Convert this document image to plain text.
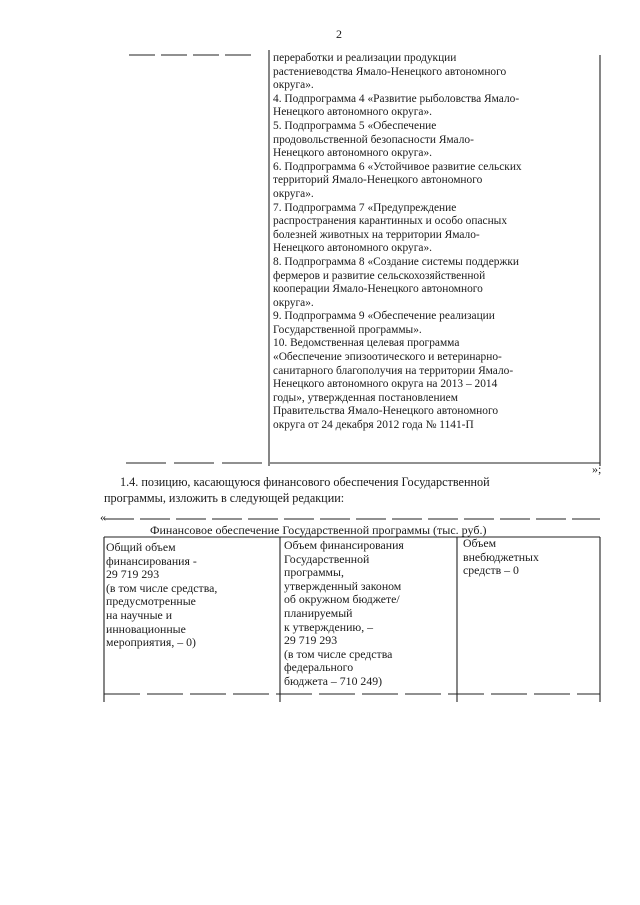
2
переработки и реализации продукции
растениеводства Ямало-Ненецкого автономного
округа».
4. Подпрограмма 4 «Развитие рыболовства Ямало-
Ненецкого автономного округа».
5. Подпрограмма 5 «Обеспечение
продовольственной безопасности Ямало-
Ненецкого автономного округа».
6. Подпрограмма 6 «Устойчивое развитие сельских
территорий Ямало-Ненецкого автономного
округа».
7. Подпрограмма 7 «Предупреждение
распространения карантинных и особо опасных
болезней животных на территории Ямало-
Ненецкого автономного округа».
8. Подпрограмма 8 «Создание системы поддержки
фермеров и развитие сельскохозяйственной
кооперации Ямало-Ненецкого автономного
округа».
9. Подпрограмма 9 «Обеспечение реализации
Государственной программы».
10. Ведомственная целевая программа
«Обеспечение эпизоотического и ветеринарно-
санитарного благополучия на территории Ямало-
Ненецкого автономного округа на 2013 – 2014
годы», утвержденная постановлением
Правительства Ямало-Ненецкого автономного
округа от 24 декабря 2012 года № 1141-П
»;
1.4. позицию, касающуюся финансового обеспечения Государственной
программы, изложить в следующей редакции:
«
Финансовое обеспечение Государственной программы (тыс. руб.)
Общий объем
финансирования -
29 719 293
(в том числе средства,
предусмотренные
на научные и
инновационные
мероприятия, – 0)
Объем финансирования
Государственной
программы,
утвержденный законом
об окружном бюджете/
планируемый
к утверждению, –
29 719 293
(в том числе средства
федерального
бюджета – 710 249)
Объем
внебюджетных
средств – 0
